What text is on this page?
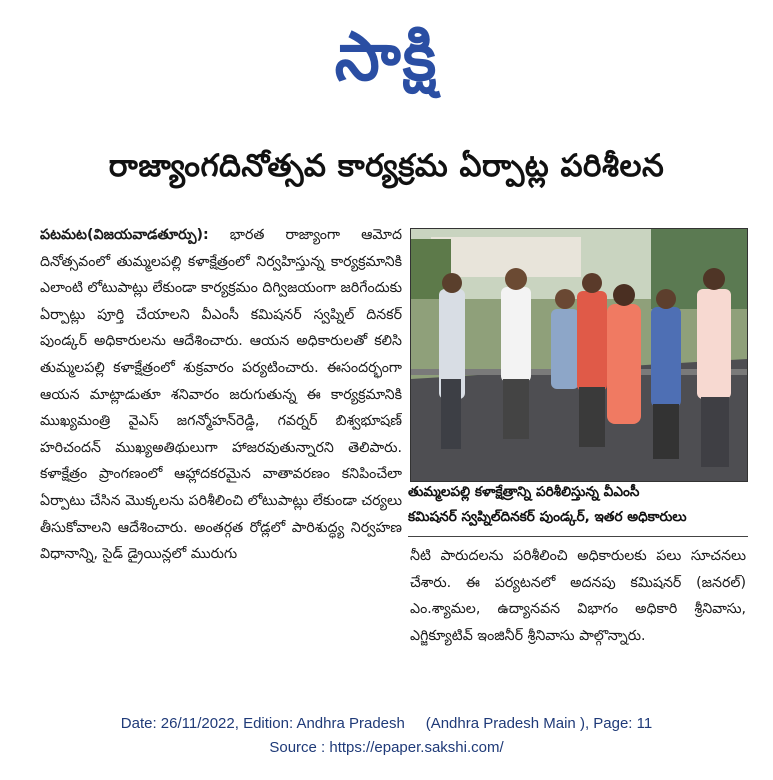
సాక్షి
రాజ్యాంగదినోత్సవ కార్యక్రమ ఏర్పాట్ల పరిశీలన
పటమట(విజయవాడతూర్పు): భారత రాజ్యాంగా ఆమోద దినోత్సవంలో తుమ్మలపల్లి కళాక్షేత్రంలో నిర్వహిస్తున్న కార్యక్రమానికి ఎలాంటి లోటుపాట్లు లేకుండా కార్యక్రమం దిగ్విజయంగా జరిగేందుకు ఏర్పాట్లు పూర్తి చేయాలని వీఎంసీ కమిషనర్ స్వప్నిల్ దినకర్ పుండ్కర్ అధికారులను ఆదేశించారు. ఆయన అధికారులతో కలిసి తుమ్మలపల్లి కళాక్షేత్రంలో శుక్రవారం పర్యటించారు. ఈసందర్భంగా ఆయన మాట్లాడుతూ శనివారం జరుగుతున్న ఈ కార్యక్రమానికి ముఖ్యమంత్రి వైఎస్ జగన్మోహన్‌రెడ్డి, గవర్నర్ బిశ్వభూషణ్ హరిచందన్ ముఖ్యఅతిథులుగా హాజరవుతున్నారని తెలిపారు. కళాక్షేత్రం ప్రాంగణంలో ఆహ్లాదకరమైన వాతావరణం కనిపించేలా ఏర్పాటు చేసిన మొక్కలను పరిశీలించి లోటుపాట్లు లేకుండా చర్యలు తీసుకోవాలని ఆదేశించారు. అంతర్గత రోడ్లలో పారిశుద్ధ్య నిర్వహణ విధానాన్ని, సైడ్ డ్రైయిన్లలో మురుగు
తుమ్మలపల్లి కళాక్షేత్రాన్ని పరిశీలిస్తున్న వీఎంసీ
కమిషనర్ స్వప్నిల్‌దినకర్ పుండ్కర్, ఇతర అధికారులు
నీటి పారుదలను పరిశీలించి అధికారులకు పలు సూచనలు చేశారు. ఈ పర్యటనలో అదనపు కమిషనర్ (జనరల్) ఎం.శ్యామల, ఉద్యానవన విభాగం అధికారి శ్రీనివాసు, ఎగ్జిక్యూటివ్ ఇంజినీర్ శ్రీనివాసు పాల్గొన్నారు.
Date: 26/11/2022, Edition: Andhra Pradesh     (Andhra Pradesh Main ), Page: 11
Source : https://epaper.sakshi.com/
